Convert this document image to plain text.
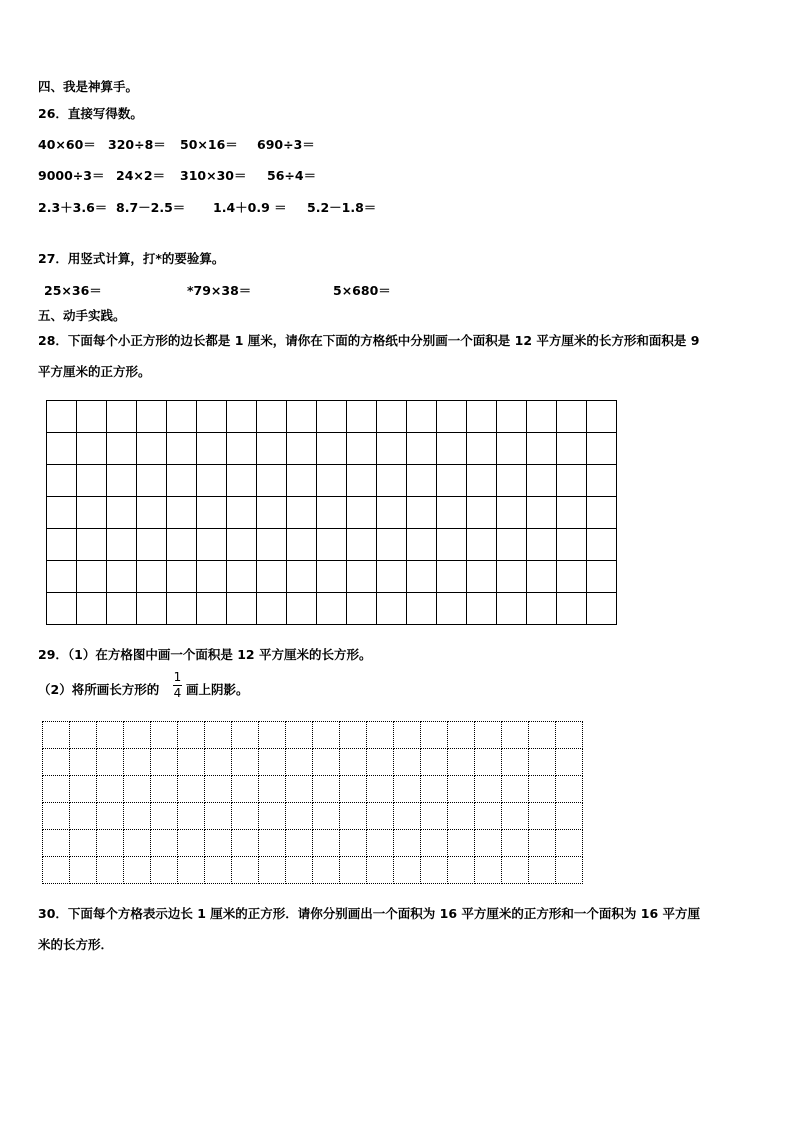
四、我是神算手。
26．直接写得数。
40×60＝ 320÷8＝ 50×16＝ 690÷3＝
9000÷3＝ 24×2＝ 310×30＝ 56÷4＝
2.3＋3.6＝ 8.7－2.5＝ 1.4＋0.9 ＝ 5.2－1.8＝
27．用竖式计算，打*的要验算。
25×36＝	*79×38＝	5×680＝
五、动手实践。
28．下面每个小正方形的边长都是 1 厘米，请你在下面的方格纸中分别画一个面积是 12 平方厘米的长方形和面积是 9
平方厘米的正方形。

29．（1）在方格图中画一个面积是 12 平方厘米的长方形。
（2）将所画长方形的
1
4 画上阴影。

30．下面每个方格表示边长 1 厘米的正方形．请你分别画出一个面积为 16 平方厘米的正方形和一个面积为 16 平方厘
米的长方形．
